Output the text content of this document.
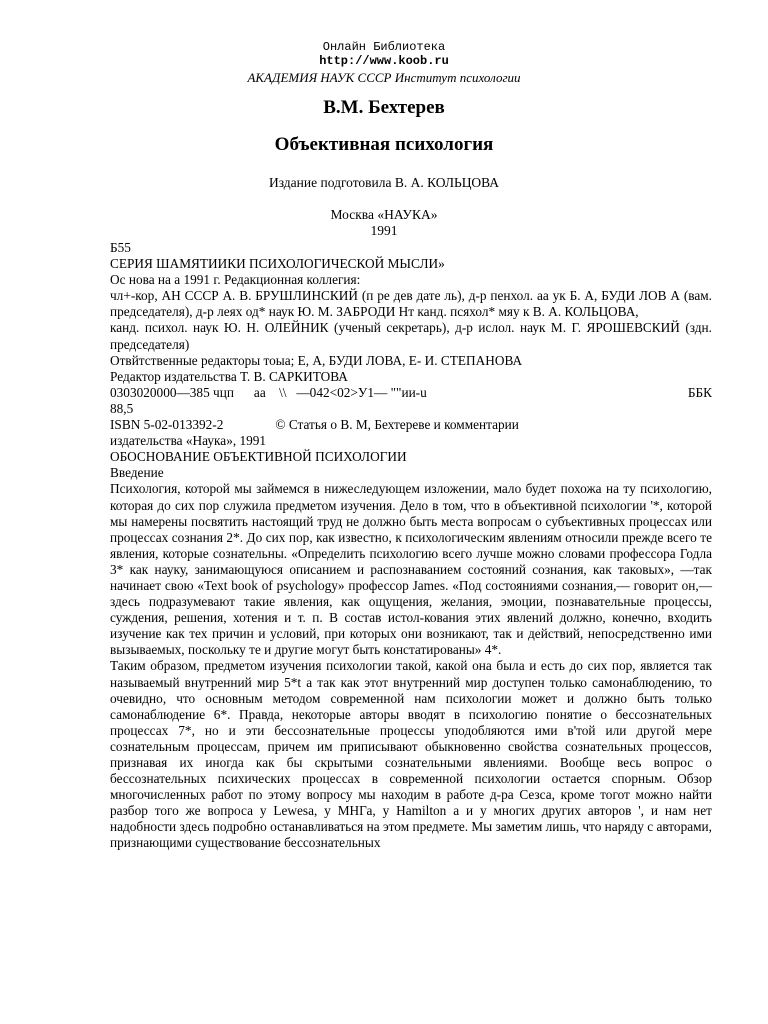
Онлайн Библиотека
http://www.koob.ru
АКАДЕМИЯ НАУК СССР Институт психологии
В.М. Бехтерев
Объективная психология
Издание подготовила В. А. КОЛЬЦОВА
Москва «НАУКА»
1991

Б55

СЕРИЯ ШАМЯТИИКИ ПСИХОЛОГИЧЕСКОЙ МЫСЛИ»

Ос нова на а 1991 г. Редакционная коллегия:

чл+-кор, АН СССР А. В. БРУШЛИНСКИЙ (п ре дев дате ль), д-р пенхол. аа ук Б. А, БУДИ ЛОВ А (вам. председателя), д-р леях од* наук Ю. М. ЗАБРОДИ Нт канд. псяхол* мяу к В. А. КОЛЬЦОВА,

канд. психол. наук Ю. Н. ОЛЕЙНИК (ученый секретарь), д-р ислол. наук М. Г. ЯРОШЕВСКИЙ (здн. председателя)

Отвйтственные редакторы тоыа; Е, А, БУДИ ЛОВА, Е- И. СТЕПАНОВА

Редактор издательства Т. В. САРКИТОВА

0303020000—385 чцп      аа    \\   —042<02>У1— ""ии-u	ББК

88,5

ISBN 5-02-013392-2	© Статья о В. М, Бехтереве и комментарии

издательства «Наука», 1991

ОБОСНОВАНИЕ ОБЪЕКТИВНОЙ ПСИХОЛОГИИ

Введение

Психология, которой мы займемся в нижеследующем изложении, мало будет похожа на ту психологию, которая до сих пор служила предметом изучения. Дело в том, что в объективной психологии '*, которой мы намерены посвятить настоящий труд не должно быть места вопросам о субъективных процессах или процессах сознания 2*. До сих пор, как известно, к психологическим явлениям относили прежде всего те явления, которые сознательны. «Определить психологию всего лучше можно словами профессора Годла 3* как науку, занимающуюся описанием и распознаванием состояний сознания, как таковых», —так начинает свою «Text book of psychology» профессор James. «Под состояниями сознания,— говорит он,— здесь подразумевают такие явления, как ощущения, желания, эмоции, познавательные процессы, суждения, решения, хотения и т. п. В состав истол-кования этих явлений должно, конечно, входить изучение как тех причин и условий, при которых они возникают, так и действий, непосредственно ими вызываемых, поскольку те и другие могут быть констатированы» 4*.

Таким образом, предметом изучения психологии такой, какой она была и есть до сих пор, является так называемый внутренний мир 5*t а так как этот внутренний мир доступен только самонаблюдению, то очевидно, что основным методом современной нам психологии может и должно быть только самонаблюдение 6*. Правда, некоторые авторы вводят в психологию понятие о бессознательных процессах 7*, но и эти бессознательные процессы уподобляются ими в'той или другой мере сознательным процессам, причем им приписывают обыкновенно свойства сознательных процессов, признавая их иногда как бы скрытыми сознательными явлениями. Вообще весь вопрос о бессознательных психических процессах в современной психологии остается спорным. Обзор многочисленных работ по этому вопросу мы находим в работе д-ра Сезса, кроме тогот можно найти разбор того же вопроса у Lewesa, у МНГа, у Hamilton а и у многих других авторов ', и нам нет надобности здесь подробно останавливаться на этом предмете. Мы заметим лишь, что наряду с авторами, признающими существование бессознательных
